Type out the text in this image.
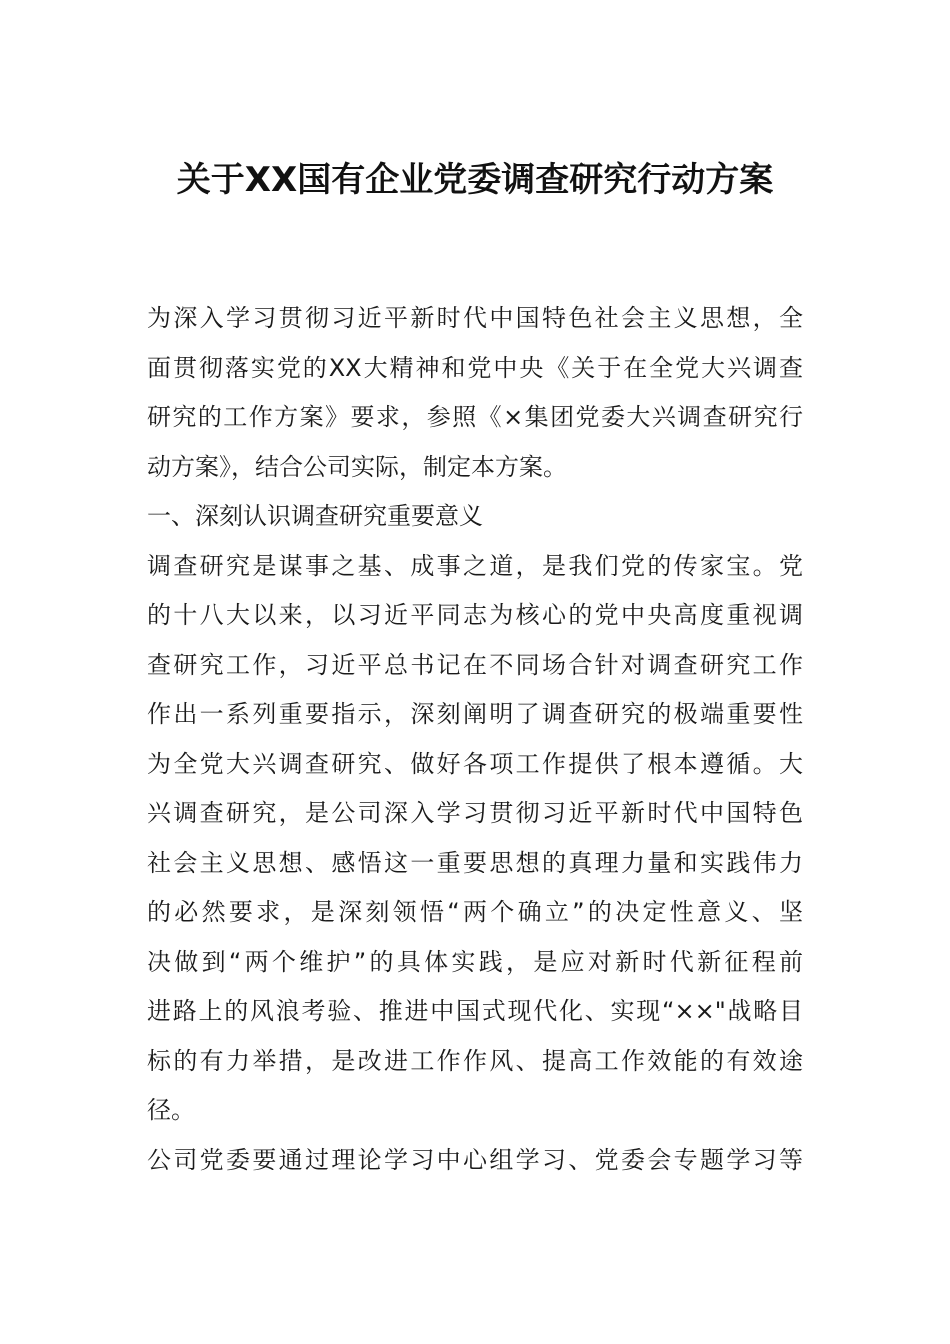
关于XX国有企业党委调查研究行动方案
为深入学习贯彻习近平新时代中国特色社会主义思想，全
面贯彻落实党的XX大精神和党中央《关于在全党大兴调查
研究的工作方案》要求，参照《×集团党委大兴调查研究行
动方案》，结合公司实际，制定本方案。
一、深刻认识调查研究重要意义
调查研究是谋事之基、成事之道，是我们党的传家宝。党
的十八大以来，以习近平同志为核心的党中央高度重视调
查研究工作，习近平总书记在不同场合针对调查研究工作
作出一系列重要指示，深刻阐明了调查研究的极端重要性
为全党大兴调查研究、做好各项工作提供了根本遵循。大
兴调查研究，是公司深入学习贯彻习近平新时代中国特色
社会主义思想、感悟这一重要思想的真理力量和实践伟力
的必然要求，是深刻领悟“两个确立”的决定性意义、坚
决做到“两个维护”的具体实践，是应对新时代新征程前
进路上的风浪考验、推进中国式现代化、实现“××"战略目
标的有力举措，是改进工作作风、提高工作效能的有效途
径。
公司党委要通过理论学习中心组学习、党委会专题学习等
